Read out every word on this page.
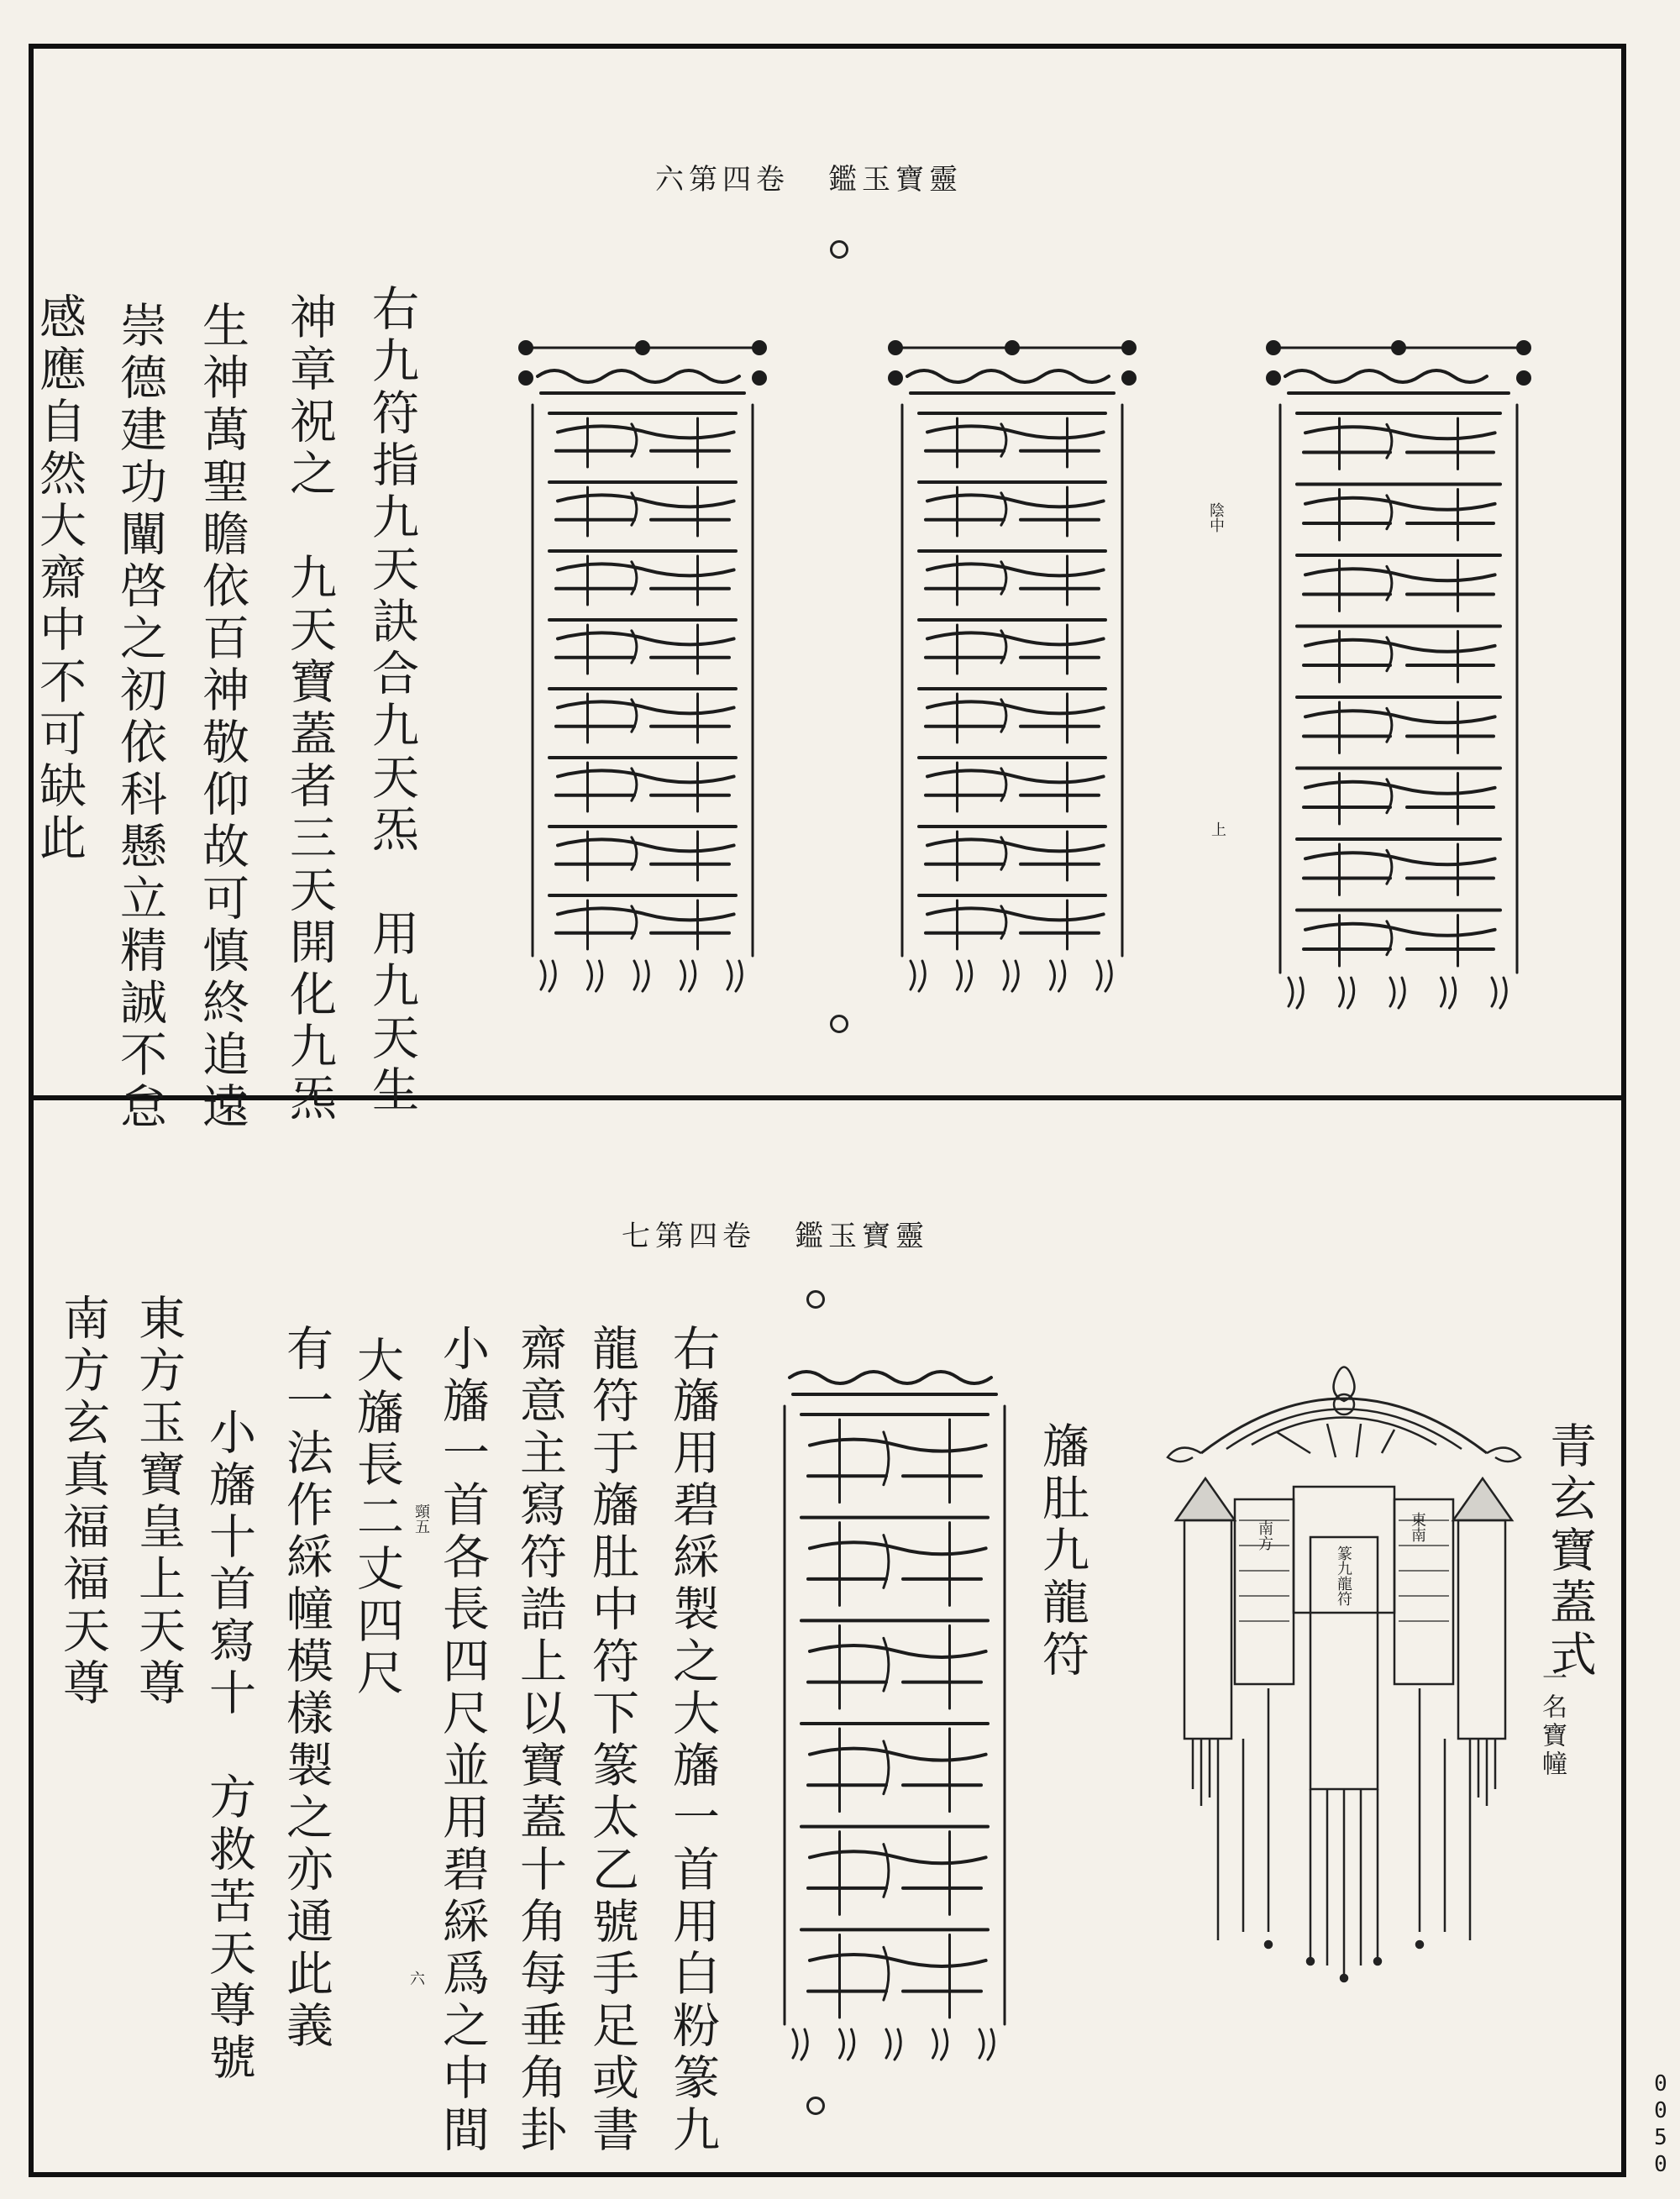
靈寶玉鑑卷四第六
陰中
上
右九符指九天訣合九天炁　用九天生
神章祝之　九天寶蓋者三天開化九炁
生神萬聖瞻依百神敬仰故可慎終追遠
崇德建功闡啓之初依科懸立精誠不怠
感應自然大齋中不可缺此
靈寶玉鑑卷四第七
篆九龍符
東南
南方	青玄寶蓋式
一名寶幢
旛肚九龍符
右旛用碧綵製之大旛一首用白粉篆九
龍符于旛肚中符下篆太乙號手足或書
齋意主寫符誥上以寶蓋十角每垂角卦
小旛一首各長四尺並用碧綵爲之中間
六
大旛長二丈四尺 頸五
有一法作綵幢模樣製之亦通此義
小旛十首寫十　方救苦天尊號
東方玉寶皇上天尊
南方玄真福福天尊
0050
